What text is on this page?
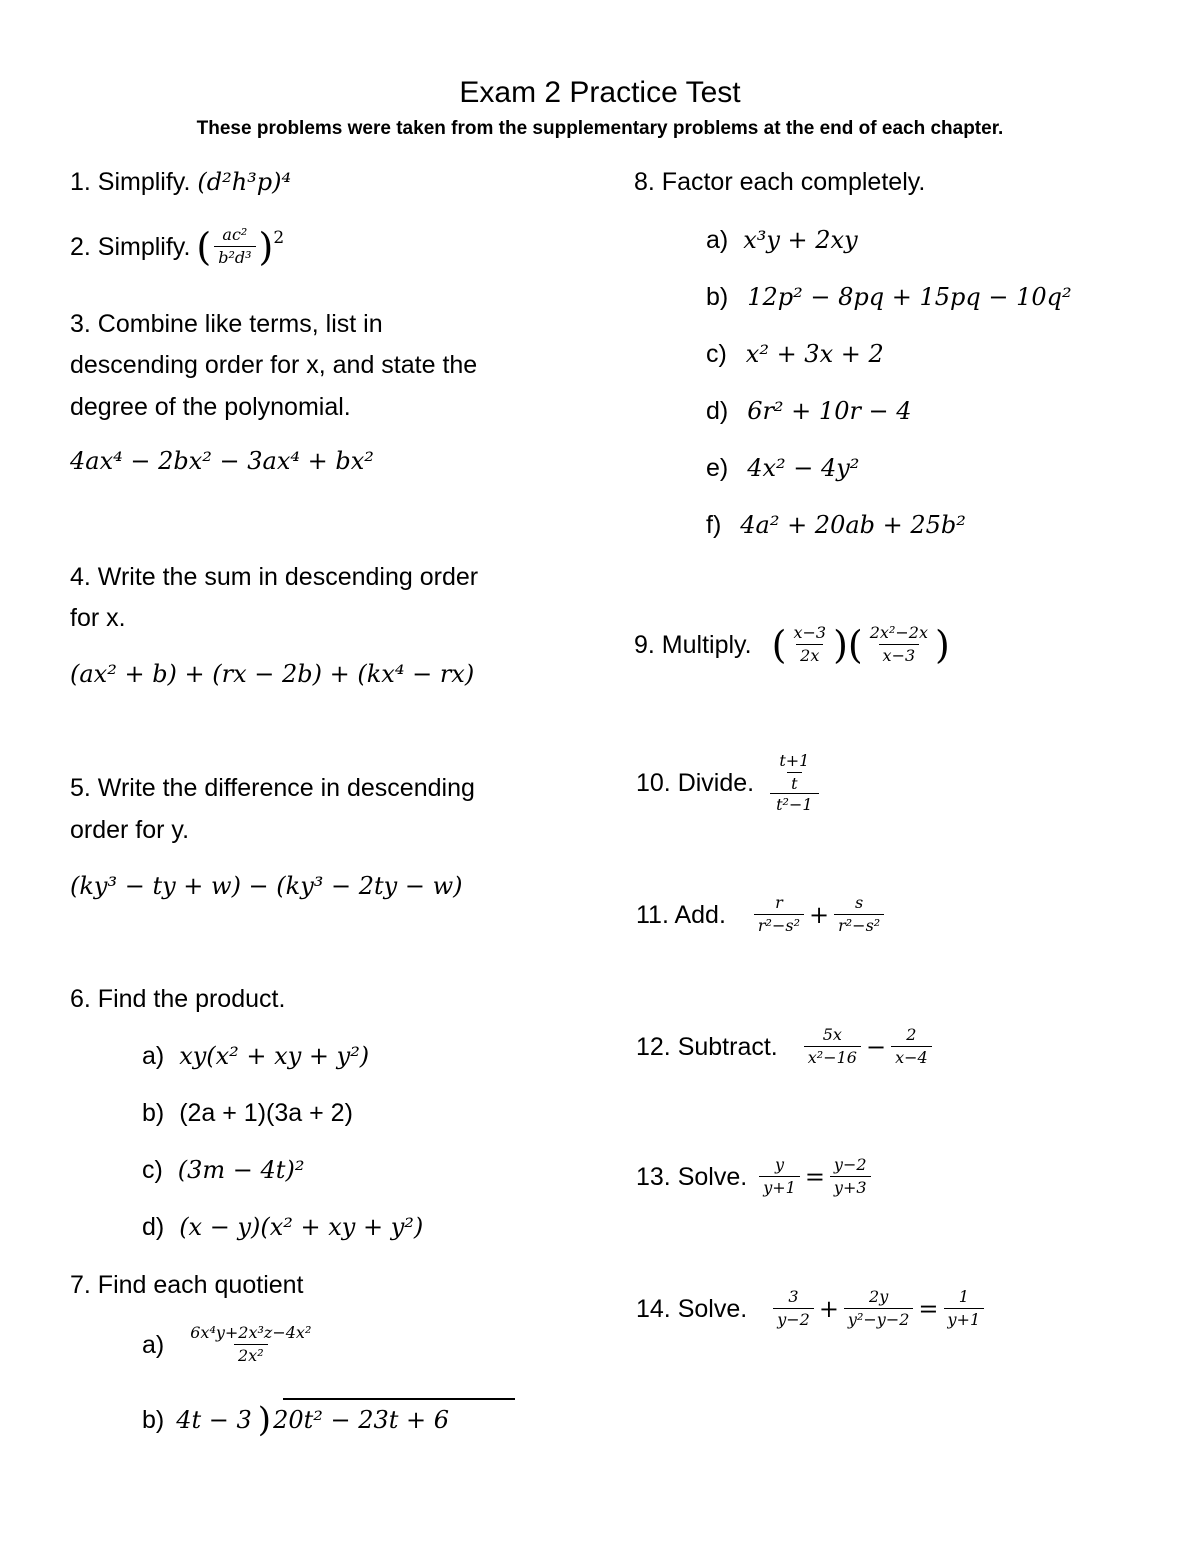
Exam 2 Practice Test
These problems were taken from the supplementary problems at the end of each chapter.
1. Simplify. (d²h³p)⁴
2. Simplify. ( $\frac{\text{ac²}}{\text{b²d³}}$ ) 2
3. Combine like terms, list in
descending order for x, and state the
degree of the polynomial.
4ax⁴ − 2bx² − 3ax⁴ + bx²
4. Write the sum in descending order
for x.
(ax² + b) + (rx − 2b) + (kx⁴ − rx)
5. Write the difference in descending
order for y.
(ky³ − ty + w) − (ky³ − 2ty − w)
6. Find the product.
a) xy(x² + xy + y²)
b) (2a + 1)(3a + 2)
c) (3m − 4t)²
d) (x − y)(x² + xy + y²)
7. Find each quotient
$a) \frac{\text{6x⁴y+2x³z−4x²}}{\text{2x²}}$
b) 4t − 3 ) 20t² − 23t + 6
8. Factor each completely.
a) x³y + 2xy
b) 12p² − 8pq + 15pq − 10q²
c) x² + 3x + 2
d) 6r² + 10r − 4
e) 4x² − 4y²
f) 4a² + 20ab + 25b²
9. Multiply. ( $\frac{x-3}{2x}$ ) ( $\frac{\text{2x²−2x}}{x-3}$ )
10. Divide. $\frac{\frac{t+1}{t}}{\text{t²−1}}$
11. Add. $\frac{r}{\text{r²−s²}} + \frac{s}{\text{r²−s²}}$
12. Subtract. $\frac{5x}{\text{x²−16}} - \frac{2}{x-4}$
13. Solve. $\frac{y}{y+1} = \frac{y-2}{y+3}$
14. Solve. $\frac{3}{y-2} + \frac{2y}{\text{y²−y−2}} = \frac{1}{y+1}$
